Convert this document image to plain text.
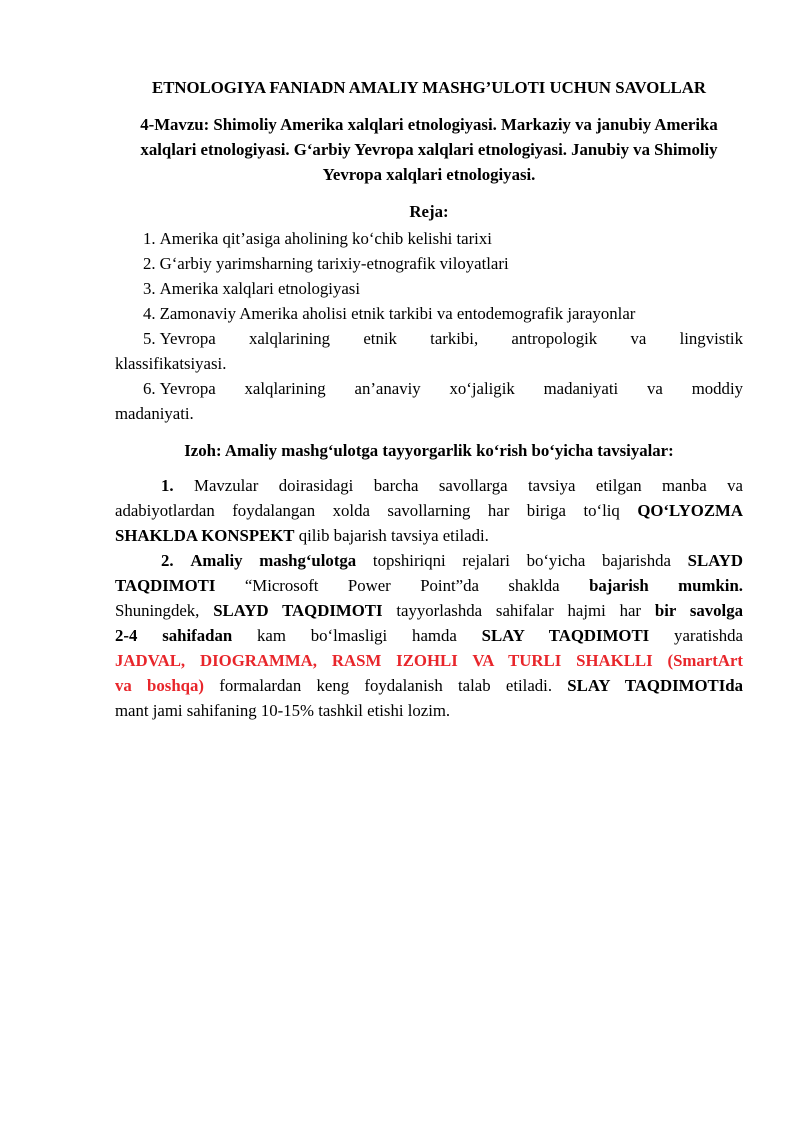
ETNOLOGIYA FANIADN AMALIY MASHG’ULOTI UCHUN SAVOLLAR

4-Mavzu: Shimoliy Amerika xalqlari etnologiyasi. Markaziy va janubiy Amerika xalqlari etnologiyasi. G‘arbiy Yevropa xalqlari etnologiyasi. Janubiy va Shimoliy Yevropa xalqlari etnologiyasi.

Reja:

1. Amerika qit’asiga aholining ko‘chib kelishi tarixi
2. G‘arbiy yarimsharning tarixiy-etnografik viloyatlari
3. Amerika xalqlari etnologiyasi
4. Zamonaviy Amerika aholisi etnik tarkibi va entodemografik jarayonlar
5. Yevropa xalqlarining etnik tarkibi, antropologik va lingvistik
klassifikatsiyasi.
6. Yevropa xalqlarining an’anaviy xo‘jaligik madaniyati va moddiy
madaniyati.

Izoh: Amaliy mashg‘ulotga tayyorgarlik ko‘rish bo‘yicha tavsiyalar:

1. Mavzular doirasidagi barcha savollarga tavsiya etilgan manba va
adabiyotlardan foydalangan xolda savollarning har biriga to‘liq QO‘LYOZMA
SHAKLDA KONSPEKT qilib bajarish tavsiya etiladi.
2. Amaliy mashg‘ulotga topshiriqni rejalari bo‘yicha bajarishda SLAYD
TAQDIMOTI “Microsoft Power Point”da shaklda bajarish mumkin.
Shuningdek, SLAYD TAQDIMOTI tayyorlashda sahifalar hajmi har bir savolga
2-4 sahifadan kam bo‘lmasligi hamda SLAY TAQDIMOTI yaratishda
JADVAL, DIOGRAMMA, RASM IZOHLI VA TURLI SHAKLLI (SmartArt
va boshqa) formalardan keng foydalanish talab etiladi. SLAY TAQDIMOTIda
mant jami sahifaning 10-15% tashkil etishi lozim.
